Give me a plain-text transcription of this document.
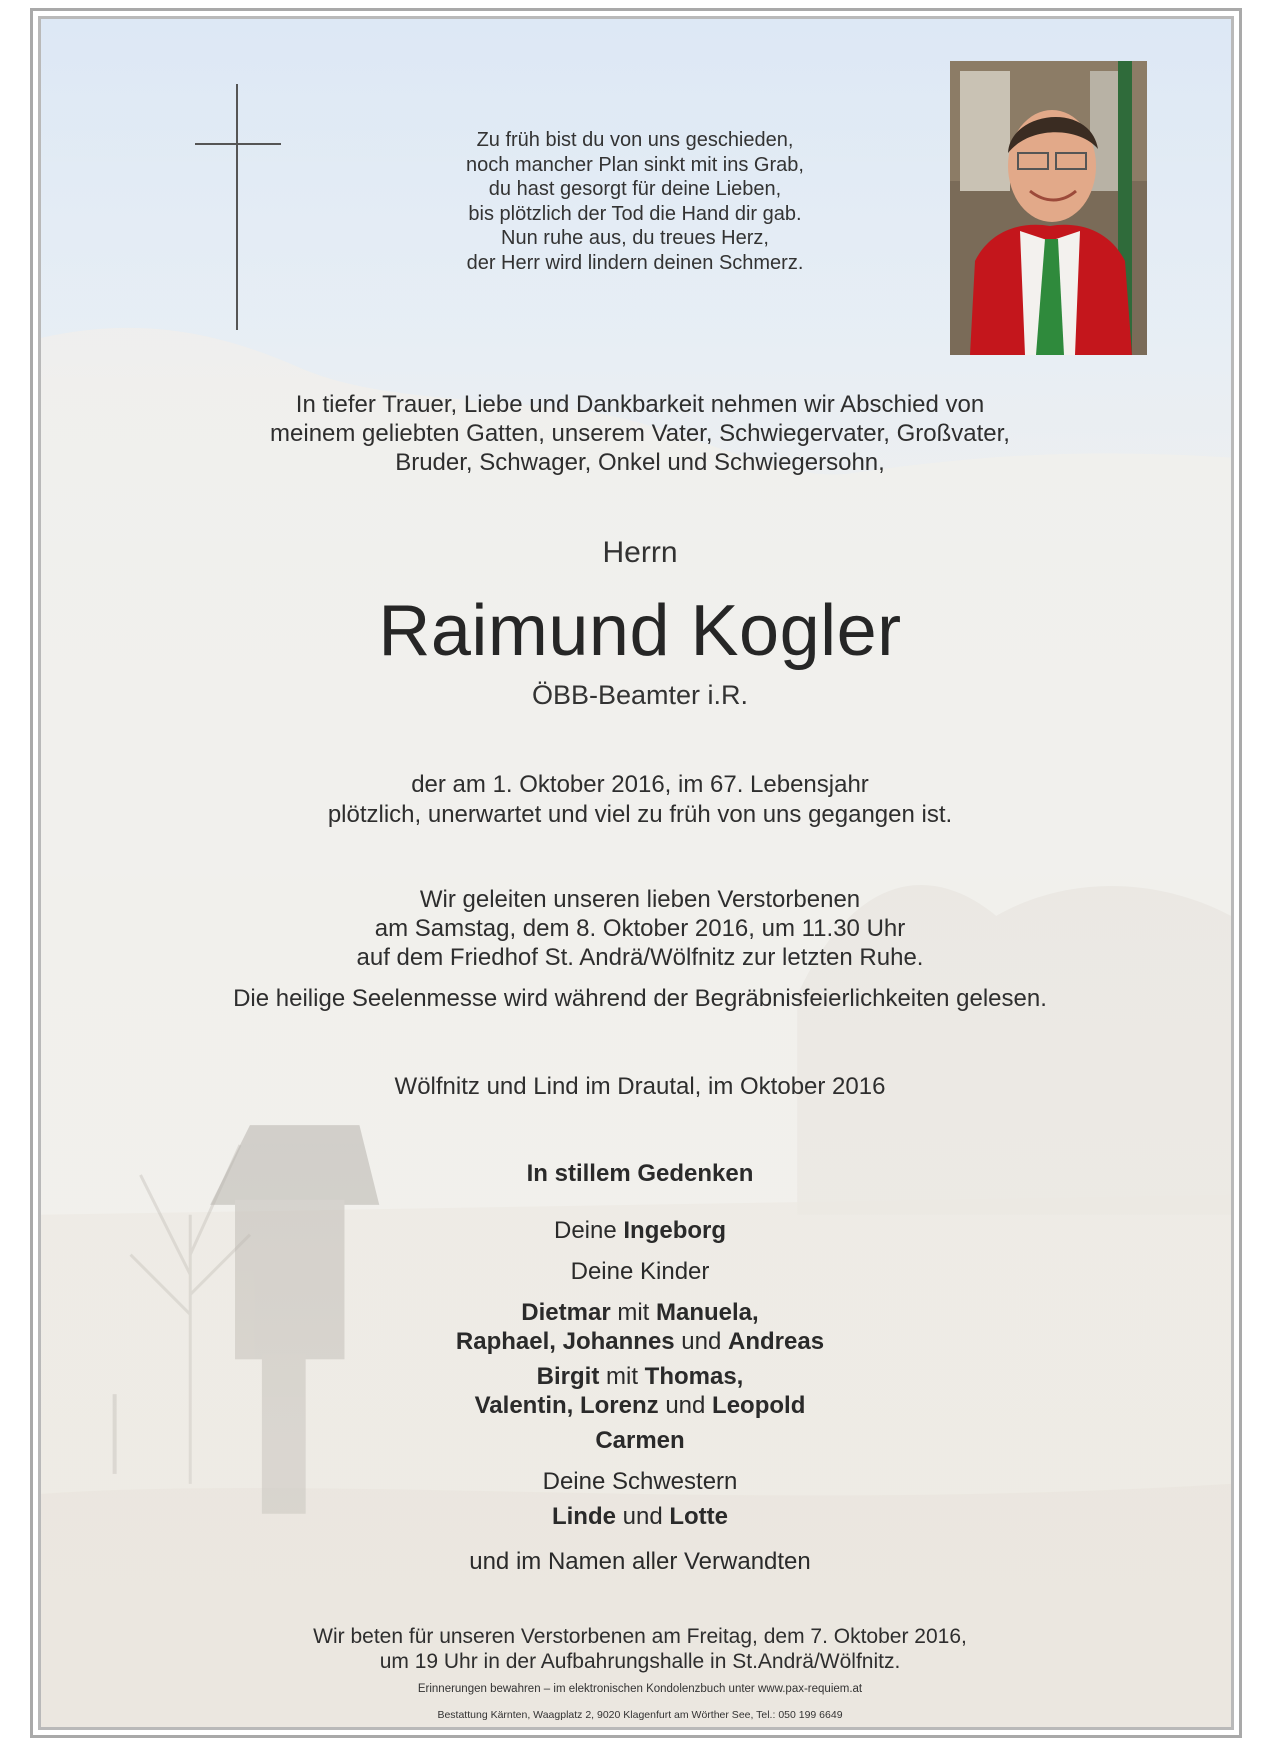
Zu früh bist du von uns geschieden,
noch mancher Plan sinkt mit ins Grab,
du hast gesorgt für deine Lieben,
bis plötzlich der Tod die Hand dir gab.
Nun ruhe aus, du treues Herz,
der Herr wird lindern deinen Schmerz.
In tiefer Trauer, Liebe und Dankbarkeit nehmen wir Abschied von
meinem geliebten Gatten, unserem Vater, Schwiegervater, Großvater,
Bruder, Schwager, Onkel und Schwiegersohn,
Herrn
Raimund Kogler
ÖBB-Beamter i.R.
der am 1. Oktober 2016, im 67. Lebensjahr
plötzlich, unerwartet und viel zu früh von uns gegangen ist.
Wir geleiten unseren lieben Verstorbenen
am Samstag, dem 8. Oktober 2016, um 11.30 Uhr
auf dem Friedhof St. Andrä/Wölfnitz zur letzten Ruhe.
Die heilige Seelenmesse wird während der Begräbnisfeierlichkeiten gelesen.
Wölfnitz und Lind im Drautal, im Oktober 2016
In stillem Gedenken
Deine Ingeborg
Deine Kinder
Dietmar mit Manuela,
Raphael, Johannes und Andreas
Birgit mit Thomas,
Valentin, Lorenz und Leopold
Carmen
Deine Schwestern
Linde und Lotte
und im Namen aller Verwandten
Wir beten für unseren Verstorbenen am Freitag, dem 7. Oktober 2016,
um 19 Uhr in der Aufbahrungshalle in St.Andrä/Wölfnitz.
Erinnerungen bewahren – im elektronischen Kondolenzbuch unter www.pax-requiem.at
Bestattung Kärnten, Waagplatz 2, 9020 Klagenfurt am Wörther See, Tel.: 050 199 6649
